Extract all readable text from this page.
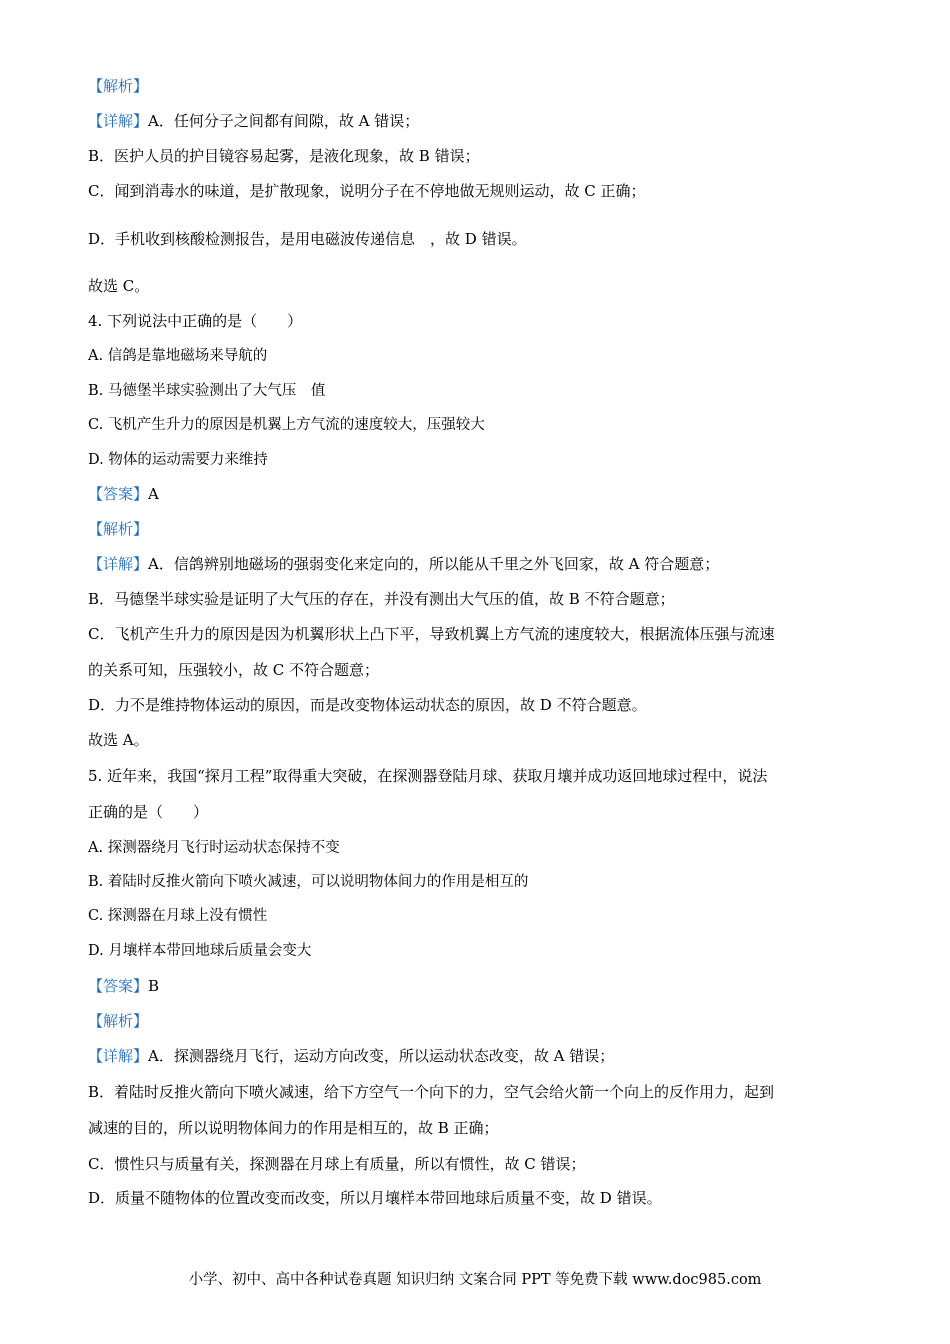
【解析】
【详解】A．任何分子之间都有间隙，故 A 错误；
B．医护人员的护目镜容易起雾，是液化现象，故 B 错误；
C．闻到消毒水的味道，是扩散现象，说明分子在不停地做无规则运动，故 C 正确；
D．手机收到核酸检测报告，是用电磁波传递信息　，故 D 错误。
故选 C。
4. 下列说法中正确的是（　　）
A. 信鸽是靠地磁场来导航的
B. 马德堡半球实验测出了大气压　值
C. 飞机产生升力的原因是机翼上方气流的速度较大，压强较大
D. 物体的运动需要力来维持
【答案】A
【解析】
【详解】A．信鸽辨别地磁场的强弱变化来定向的，所以能从千里之外飞回家，故 A 符合题意；
B．马德堡半球实验是证明了大气压的存在，并没有测出大气压的值，故 B 不符合题意；
C．飞机产生升力的原因是因为机翼形状上凸下平，导致机翼上方气流的速度较大，根据流体压强与流速
的关系可知，压强较小，故 C 不符合题意；
D．力不是维持物体运动的原因，而是改变物体运动状态的原因，故 D 不符合题意。
故选 A。
5. 近年来，我国“探月工程”取得重大突破，在探测器登陆月球、获取月壤并成功返回地球过程中，说法
正确的是（　　）
A. 探测器绕月飞行时运动状态保持不变
B. 着陆时反推火箭向下喷火减速，可以说明物体间力的作用是相互的
C. 探测器在月球上没有惯性
D. 月壤样本带回地球后质量会变大
【答案】B
【解析】
【详解】A．探测器绕月飞行，运动方向改变，所以运动状态改变，故 A 错误；
B．着陆时反推火箭向下喷火减速，给下方空气一个向下的力，空气会给火箭一个向上的反作用力，起到
减速的目的，所以说明物体间力的作用是相互的，故 B 正确；
C．惯性只与质量有关，探测器在月球上有质量，所以有惯性，故 C 错误；
D．质量不随物体的位置改变而改变，所以月壤样本带回地球后质量不变，故 D 错误。
小学、初中、高中各种试卷真题 知识归纳 文案合同 PPT 等免费下载 www.doc985.com
